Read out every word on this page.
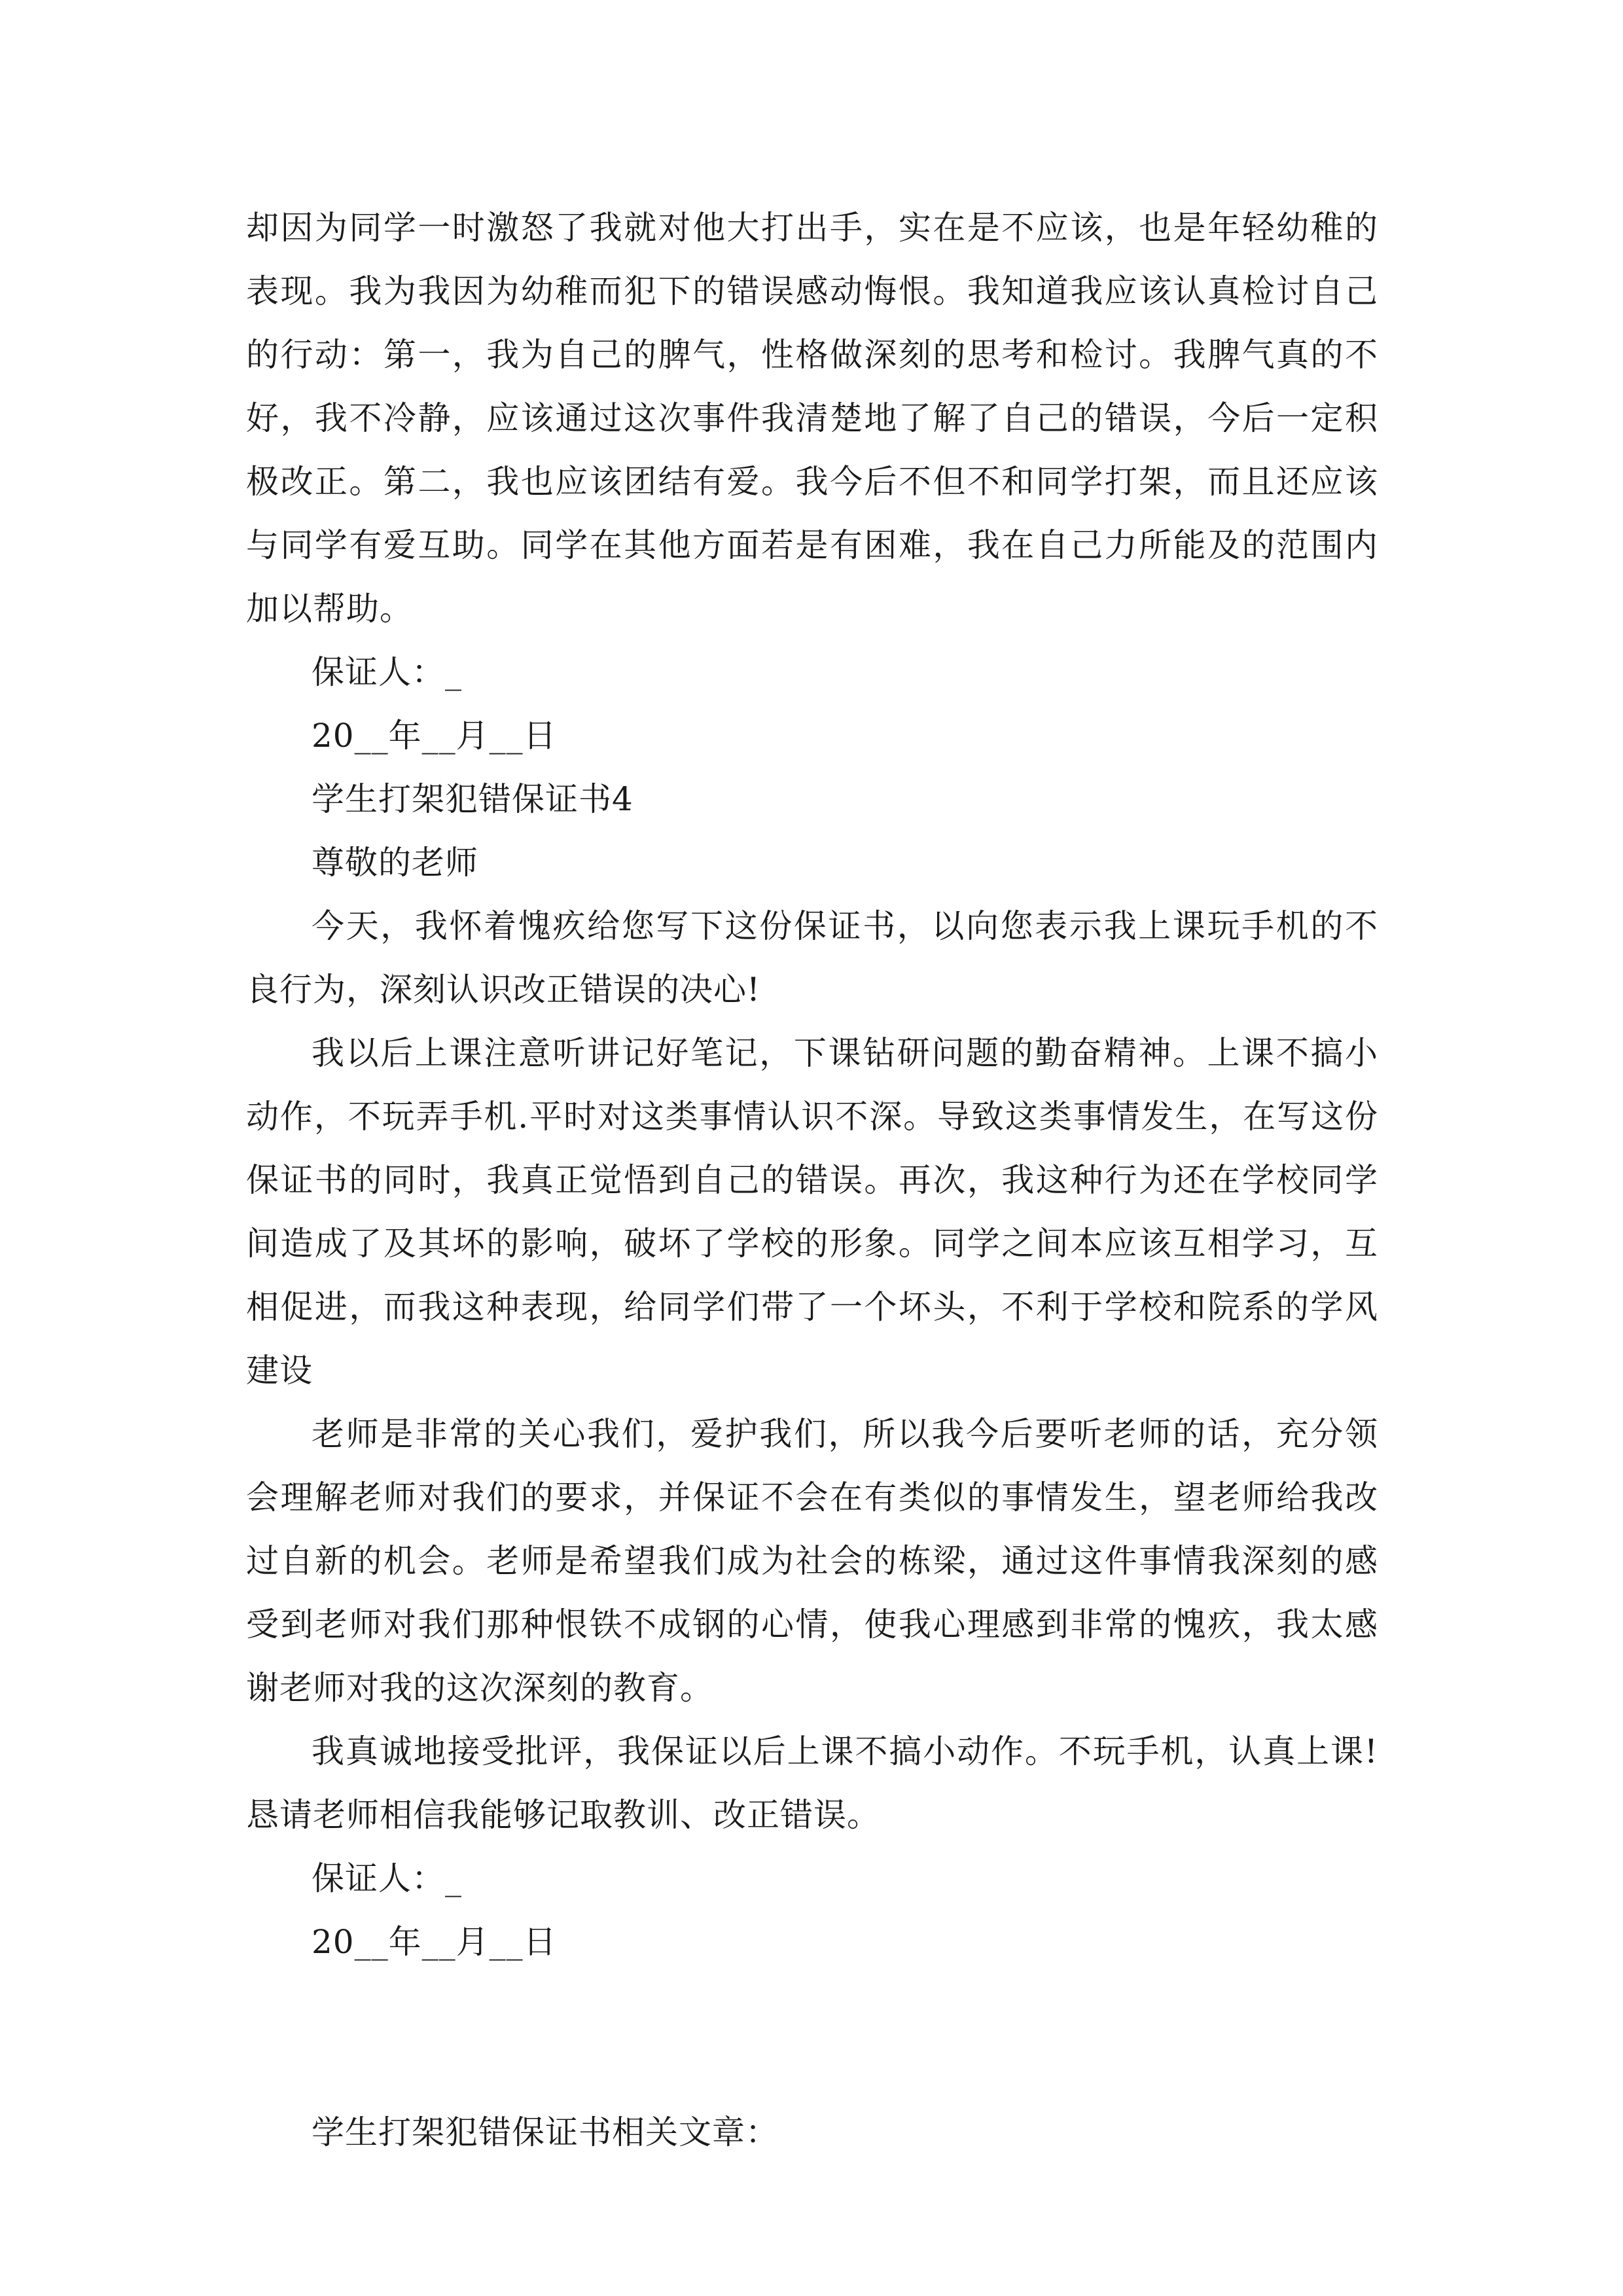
却因为同学一时激怒了我就对他大打出手，实在是不应该，也是年轻幼稚的表现。我为我因为幼稚而犯下的错误感动悔恨。我知道我应该认真检讨自己的行动：第一，我为自己的脾气，性格做深刻的思考和检讨。我脾气真的不好，我不冷静，应该通过这次事件我清楚地了解了自己的错误，今后一定积极改正。第二，我也应该团结有爱。我今后不但不和同学打架，而且还应该与同学有爱互助。同学在其他方面若是有困难，我在自己力所能及的范围内加以帮助。

保证人：_

20__年__月__日

学生打架犯错保证书4

尊敬的老师

今天，我怀着愧疚给您写下这份保证书，以向您表示我上课玩手机的不良行为，深刻认识改正错误的决心!

我以后上课注意听讲记好笔记，下课钻研问题的勤奋精神。上课不搞小动作，不玩弄手机.平时对这类事情认识不深。导致这类事情发生，在写这份保证书的同时，我真正觉悟到自己的错误。再次，我这种行为还在学校同学间造成了及其坏的影响，破坏了学校的形象。同学之间本应该互相学习，互相促进，而我这种表现，给同学们带了一个坏头，不利于学校和院系的学风建设

老师是非常的关心我们，爱护我们，所以我今后要听老师的话，充分领会理解老师对我们的要求，并保证不会在有类似的事情发生，望老师给我改过自新的机会。老师是希望我们成为社会的栋梁，通过这件事情我深刻的感受到老师对我们那种恨铁不成钢的心情，使我心理感到非常的愧疚，我太感谢老师对我的这次深刻的教育。

我真诚地接受批评，我保证以后上课不搞小动作。不玩手机，认真上课!恳请老师相信我能够记取教训、改正错误。

保证人：_

20__年__月__日

学生打架犯错保证书相关文章：
